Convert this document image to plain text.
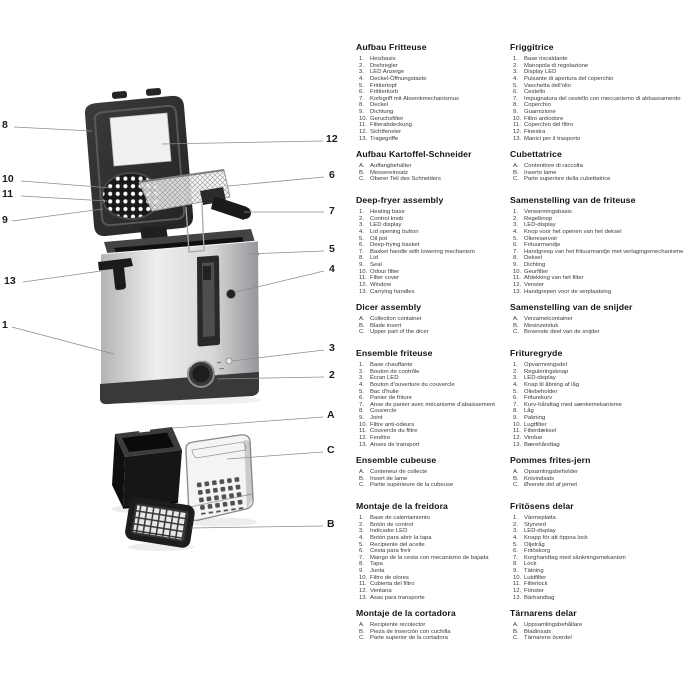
8
10
11
9
13
1
12
6
7
5
4
3
2
A
C
B
Aufbau Fritteuse
1.	Heizbasis
2.	Drehregler
3.	LED Anzeige
4.	Deckel-Öffnungstaste
5.	Frittiertopf
6.	Frittierkorb
7.	Korbgriff mit Absenkmechanismus
8.	Deckel
9.	Dichtung
10. Geruchsfilter
11. Filterabdeckung
12. Sichtfenster
13. Tragegriffe
Aufbau Kartoffel-Schneider
A. Auffangbehälter
B. Messereinsatz
C. Oberer Teil des Schneiders
Deep-fryer assembly
1.	Heating base
2.	Control knob
3.	LED display
4.	Lid opening button
5.	Oil pot
6.	Deep-frying basket
7.	Basket handle with lowering mechanism
8.	Lid
9.	Seal
10. Odour filter
11. Filter cover
12. Window
13. Carrying handles
Dicer assembly
A. Collection container
B. Blade insert
C. Upper part of the dicer
Ensemble friteuse
1.	Base chauffante
2.	Bouton de contrôle
3.	Écran LED
4.	Bouton d'ouverture du couvercle
5.	Bac d'huile
6.	Panier de friture
7.	Anse de panier avec mécanisme d'abaissement
8.	Couvercle
9.	Joint
10. Filtre anti-odeurs
11. Couvercle du filtre
12. Fenêtre
13. Anses de transport
Ensemble cubeuse
A. Conteneur de collecte
B. Insert de lame
C. Partie supérieure de la cubeuse
Montaje de la freidora
1.	Base de calentamiento
2.	Botón de control
3.	Indicador LED
4.	Botón para abrir la tapa
5.	Recipiente del aceite
6.	Cesta para freír
7.	Mango de la cesta con mecanismo de bajada
8.	Tapa
9.	Junta
10. Filtro de olores
11. Cubierta del filtro
12. Ventana
13. Asas para transporte
Montaje de la cortadora
A. Recipiente recolector
B. Pieza de inserción con cuchilla
C. Parte superior de la cortadora
Friggitrice
1.	Base riscaldante
2.	Manopola di regolazione
3.	Display LED
4.	Pulsante di apertura del coperchio
5.	Vaschetta dell'olio
6.	Cestello
7.	Impugnatura del cestello con meccanismo di abbassamento
8.	Coperchio
9.	Guarnizione
10. Filtro antiodore
11. Coperchio del filtro
12. Finestra
13. Manici per il trasporto
Cubettatrice
A. Contenitore di raccolta
B. Inserto lame
C. Parte superiore della cubettatrice
Samenstelling van de friteuse
1.	Verwarmingsbasis
2.	Regelknop
3.	LED-display
4.	Knop voor het openen van het deksel
5.	Oliereservoir
6.	Frituurmandje
7.	Handgreep van het frituurmandje met verlagingsmechanisme
8.	Deksel
9.	Dichting
10. Geurfilter
11. Afdekking van het filter
12. Venster
13. Handgrepen voor de verplaatsing
Samenstelling van de snijder
A. Verzamelcontainer
B. Mesinzetstuk
C. Bovenste deel van de snijder
Frituregryde
1.	Opvarmningsdel
2.	Reguleringsknap
3.	LED-display
4.	Knap til åbning af låg
5.	Oliebeholder
6.	Friturekurv
7.	Kurv-håndtag med sænkemekanisme
8.	Låg
9.	Pakning
10. Lugtfilter
11. Filterdæksel
12. Vindue
13. Bærehåndtag
Pommes frites-jern
A. Opsamlingsbeholder
B. Knivindsats
C. Øverste del af jernet
Fritösens delar
1.	Värmeplatta
2.	Styrvred
3.	LED-display
4.	Knapp för att öppna lock
5.	Oljetråg
6.	Fritöskorg
7.	Korghandtag med sänkningsmekanism
8.	Lock
9.	Tätning
10. Luktfilter
11. Filterlock
12. Fönster
13. Bärhandtag
Tärnarens delar
A. Uppsamlingsbehållare
B. Bladinsats
C. Tärnarens överdel
